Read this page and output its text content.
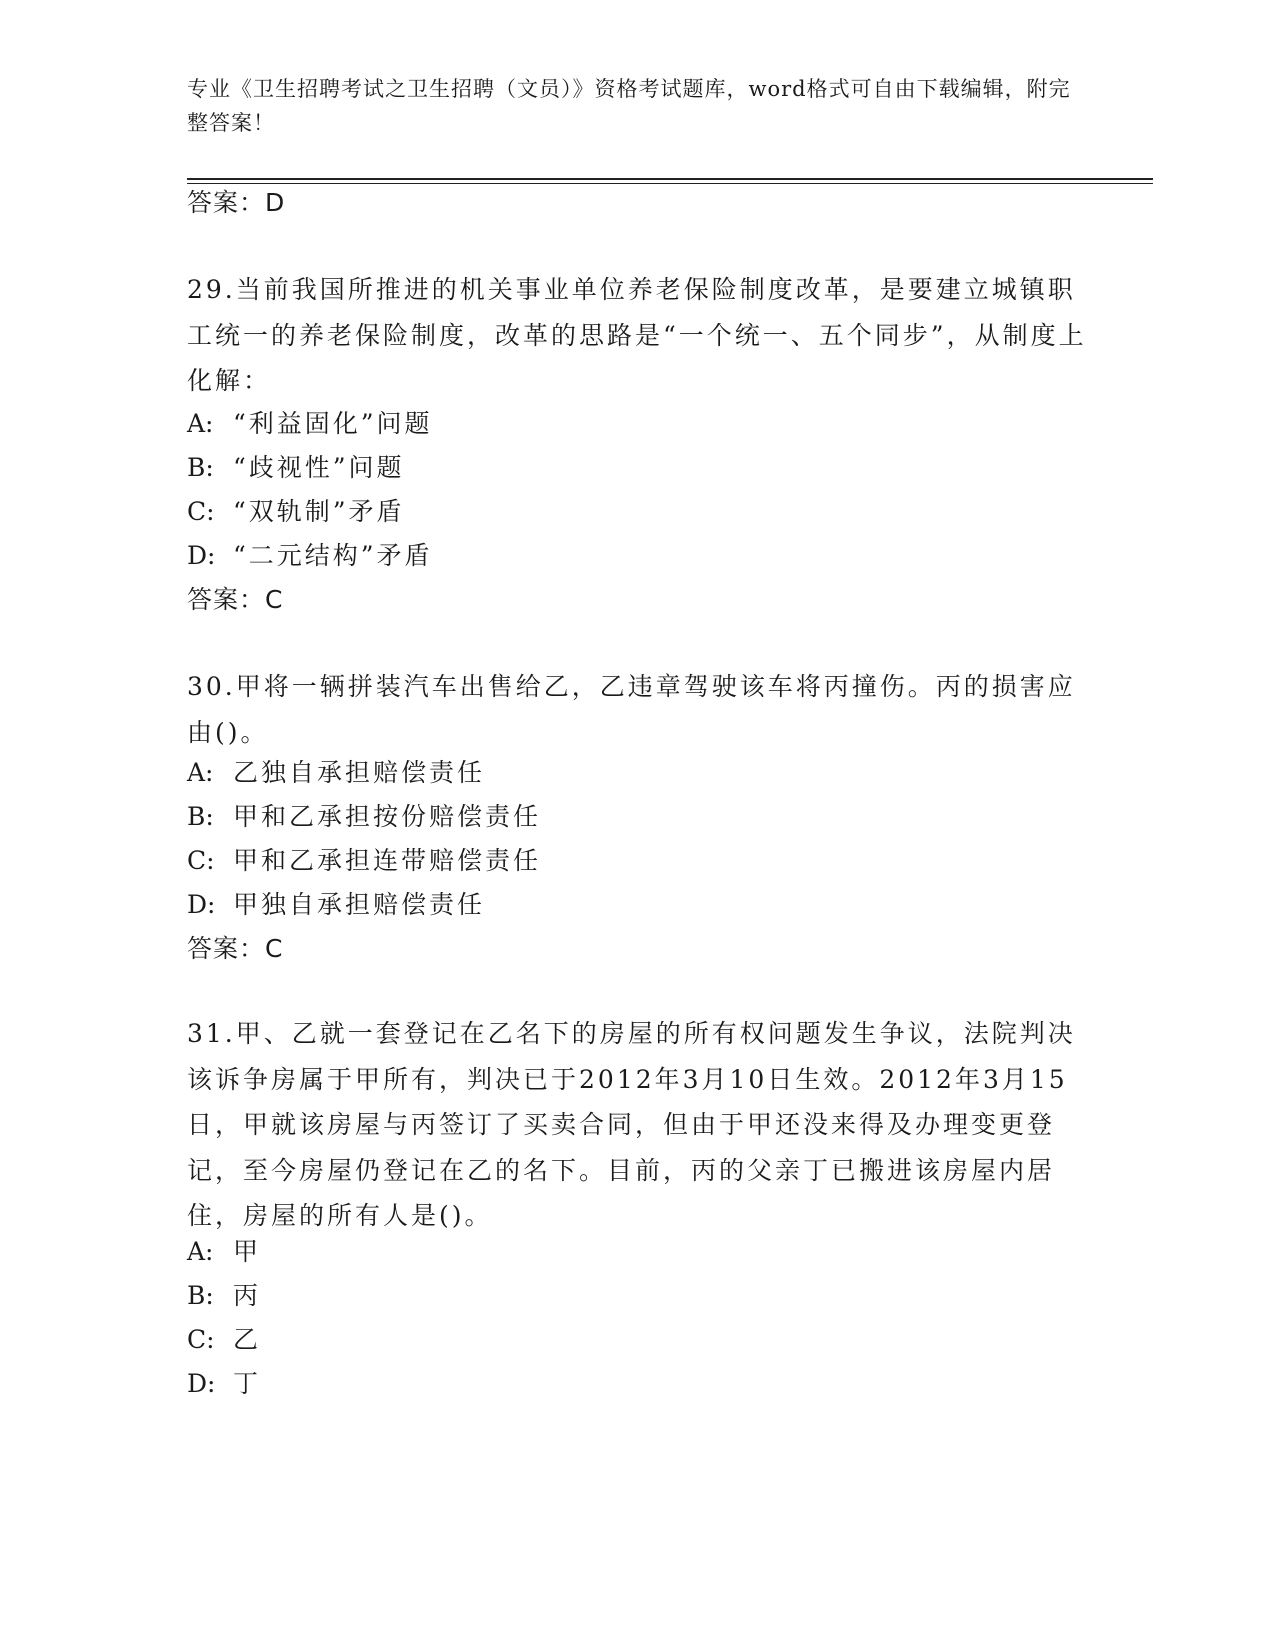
专业《卫生招聘考试之卫生招聘（文员）》资格考试题库，word格式可自由下载编辑，附完整答案！
答案：D
29.当前我国所推进的机关事业单位养老保险制度改革，是要建立城镇职工统一的养老保险制度，改革的思路是“一个统一、五个同步”，从制度上化解：
A: “利益固化”问题
B: “歧视性”问题
C: “双轨制”矛盾
D: “二元结构”矛盾
答案：C
30.甲将一辆拼装汽车出售给乙，乙违章驾驶该车将丙撞伤。丙的损害应由()。
A: 乙独自承担赔偿责任
B: 甲和乙承担按份赔偿责任
C: 甲和乙承担连带赔偿责任
D: 甲独自承担赔偿责任
答案：C
31.甲、乙就一套登记在乙名下的房屋的所有权问题发生争议，法院判决该诉争房属于甲所有，判决已于2012年3月10日生效。2012年3月15日，甲就该房屋与丙签订了买卖合同，但由于甲还没来得及办理变更登记，至今房屋仍登记在乙的名下。目前，丙的父亲丁已搬进该房屋内居住，房屋的所有人是()。
A: 甲
B: 丙
C: 乙
D: 丁
